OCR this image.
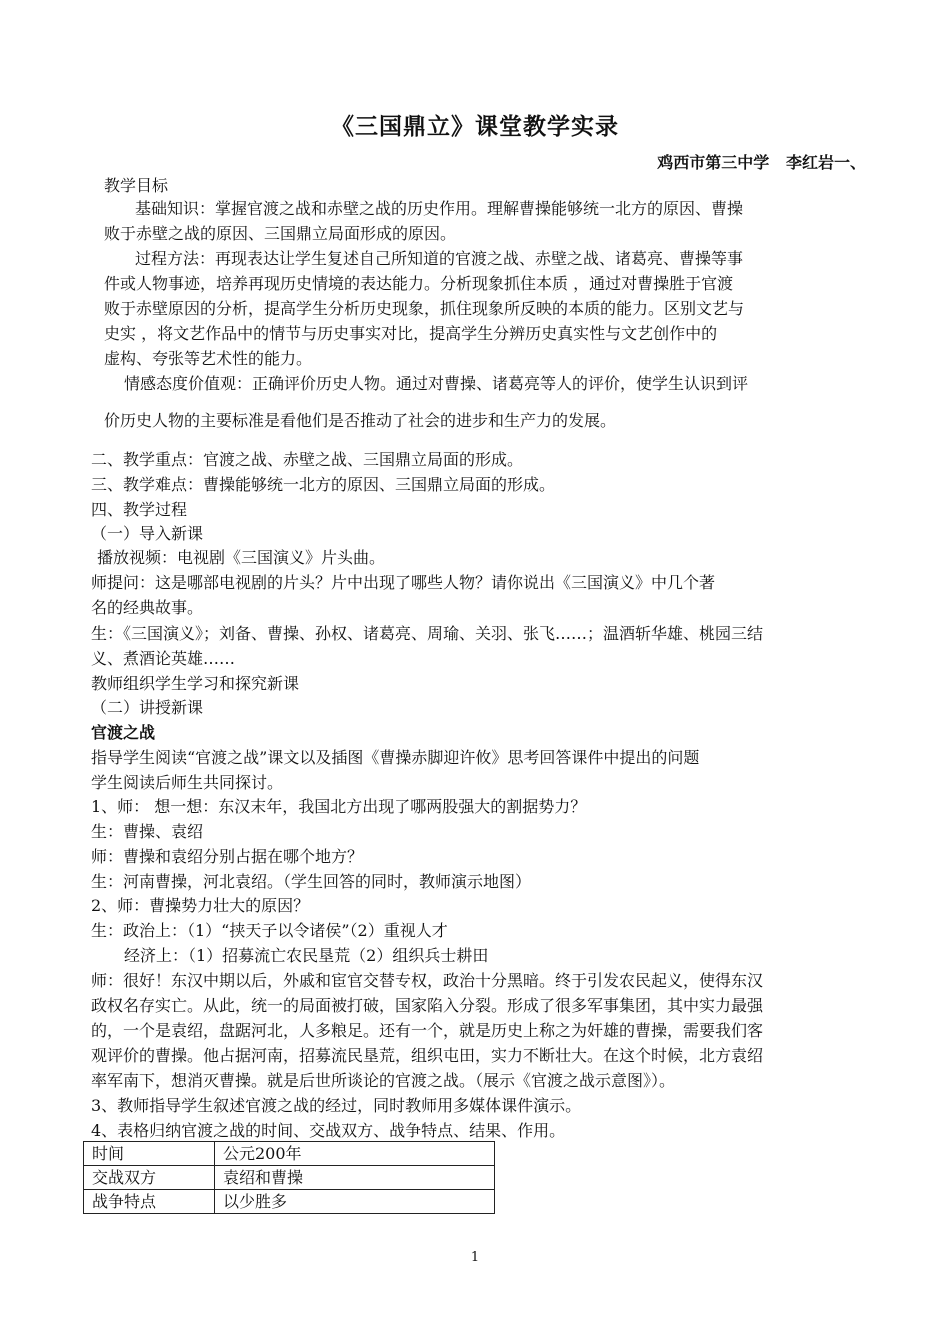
《三国鼎立》课堂教学实录
鸡西市第三中学   李红岩一、
教学目标
基础知识：掌握官渡之战和赤壁之战的历史作用。理解曹操能够统一北方的原因、曹操
败于赤壁之战的原因、三国鼎立局面形成的原因。
过程方法：再现表达让学生复述自己所知道的官渡之战、赤壁之战、诸葛亮、曹操等事
件或人物事迹，培养再现历史情境的表达能力。分析现象抓住本质 ，通过对曹操胜于官渡
败于赤壁原因的分析，提高学生分析历史现象，抓住现象所反映的本质的能力。区别文艺与
史实 ，将文艺作品中的情节与历史事实对比，提高学生分辨历史真实性与文艺创作中的
虚构、夸张等艺术性的能力。
情感态度价值观：正确评价历史人物。通过对曹操、诸葛亮等人的评价，使学生认识到评
价历史人物的主要标准是看他们是否推动了社会的进步和生产力的发展。
二、教学重点：官渡之战、赤壁之战、三国鼎立局面的形成。
三、教学难点：曹操能够统一北方的原因、三国鼎立局面的形成。
四、教学过程
（一）导入新课
播放视频：电视剧《三国演义》片头曲。
师提问：这是哪部电视剧的片头？片中出现了哪些人物？请你说出《三国演义》中几个著
名的经典故事。
生：《三国演义》；刘备、曹操、孙权、诸葛亮、周瑜、关羽、张飞……；温酒斩华雄、桃园三结
义、煮酒论英雄……
教师组织学生学习和探究新课
（二）讲授新课
官渡之战
指导学生阅读“官渡之战”课文以及插图《曹操赤脚迎许攸》思考回答课件中提出的问题
学生阅读后师生共同探讨。
1、师： 想一想：东汉末年，我国北方出现了哪两股强大的割据势力？
生：曹操、袁绍
师：曹操和袁绍分别占据在哪个地方？
生：河南曹操，河北袁绍。（学生回答的同时，教师演示地图）
2、师：曹操势力壮大的原因？
生：政治上：（1）“挟天子以令诸侯”（2）重视人才
经济上：（1）招募流亡农民垦荒（2）组织兵士耕田
师：很好！东汉中期以后，外戚和宦官交替专权，政治十分黑暗。终于引发农民起义，使得东汉
政权名存实亡。从此，统一的局面被打破，国家陷入分裂。形成了很多军事集团，其中实力最强
的，一个是袁绍，盘踞河北，人多粮足。还有一个，就是历史上称之为奸雄的曹操，需要我们客
观评价的曹操。他占据河南，招募流民垦荒，组织屯田，实力不断壮大。在这个时候，北方袁绍
率军南下，想消灭曹操。就是后世所谈论的官渡之战。（展示《官渡之战示意图》）。
3、教师指导学生叙述官渡之战的经过，同时教师用多媒体课件演示。
4、表格归纳官渡之战的时间、交战双方、战争特点、结果、作用。
时间	公元200年
交战双方	袁绍和曹操
战争特点	以少胜多
1
